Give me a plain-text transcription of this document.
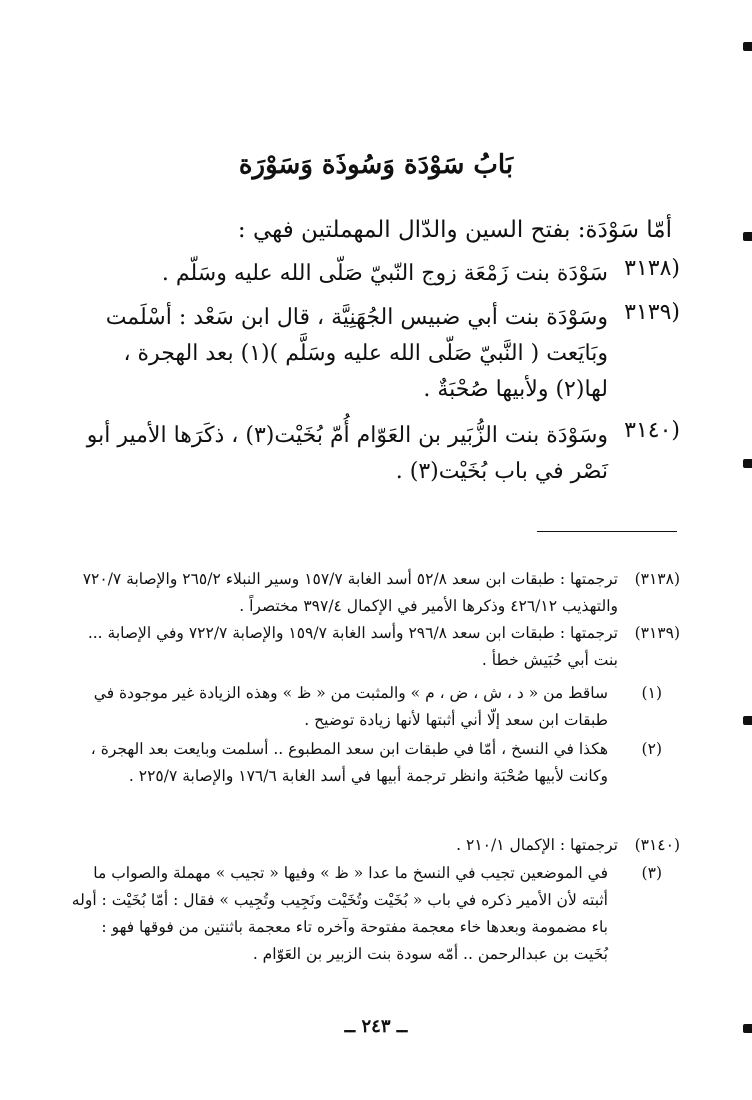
بَابُ سَوْدَة وَسُوذَة وَسَوْرَة
أمّا سَوْدَة: بفتح السين والدّال المهملتين فهي :
(٣١٣٨
سَوْدَة بنت زَمْعَة زوج النّبيّ صَلّى الله عليه وسَلّم .
(٣١٣٩
وسَوْدَة بنت أبي ضبيس الجُهَنِيَّة ، قال ابن سَعْد : أسْلَمت وبَايَعت ( النَّبيّ صَلّى الله عليه وسَلَّم )(١) بعد الهجرة ، لها(٢) ولأبيها صُحْبَةٌ .
(٣١٤٠
وسَوْدَة بنت الزُّبَير بن العَوّام أُمّ بُخَيْت(٣) ، ذكَرَها الأمير أبو نَصْر في باب بُخَيْت(٣) .
(٣١٣٨)
ترجمتها : طبقات ابن سعد ٥٢/٨ أسد الغابة ١٥٧/٧ وسير النبلاء ٢٦٥/٢ والإصابة ٧٢٠/٧ والتهذيب ٤٢٦/١٢ وذكرها الأمير في الإكمال ٣٩٧/٤ مختصراً .
(٣١٣٩)
ترجمتها : طبقات ابن سعد ٢٩٦/٨ وأسد الغابة ١٥٩/٧ والإصابة ٧٢٢/٧ وفي الإصابة ... بنت أبي حُبَيش خطأ .
(١)
ساقط من « د ، ش ، ض ، م » والمثبت من « ظ » وهذه الزيادة غير موجودة في طبقات ابن سعد إلّا أني أثبتها لأنها زيادة توضيح .
(٢)
هكذا في النسخ ، أمّا في طبقات ابن سعد المطبوع .. أسلمت وبايعت بعد الهجرة ، وكانت لأبيها صُحْبَة وانظر ترجمة أبيها في أسد الغابة ١٧٦/٦ والإصابة ٢٢٥/٧ .
(٣١٤٠)
ترجمتها : الإكمال ٢١٠/١ .
(٣)
في الموضعين تجيب في النسخ ما عدا « ظ » وفيها « تجيب » مهملة والصواب ما أثبته لأن الأمير ذكره في باب « بُخَيْت وتُخَيْت ونَجِيب وتُجِيب » فقال : أمّا بُخَيْت : أوله باء مضمومة وبعدها خاء معجمة مفتوحة وآخره تاء معجمة باثنتين من فوقها فهو : بُخَيت بن عبدالرحمن .. أمّه سودة بنت الزبير بن العَوّام .
ــ ٢٤٣ ــ
